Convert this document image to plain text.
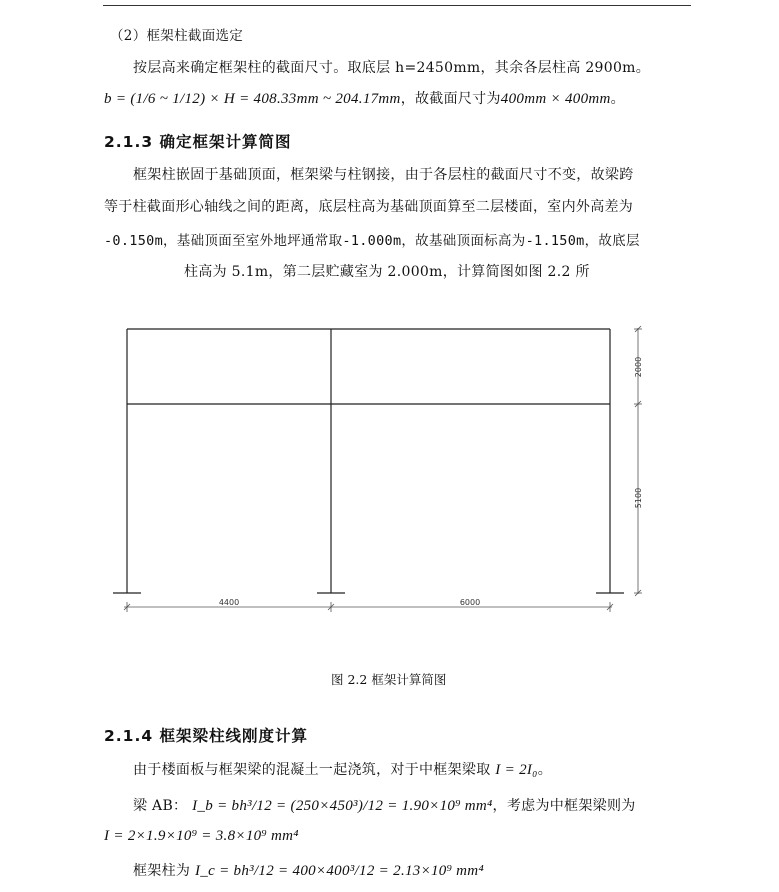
（2）框架柱截面选定
按层高来确定框架柱的截面尺寸。取底层 h=2450mm，其余各层柱高 2900m。
b = (1/6 ~ 1/12) × H = 408.33mm ~ 204.17mm，故截面尺寸为400mm × 400mm。
2.1.3 确定框架计算简图
框架柱嵌固于基础顶面，框架梁与柱钢接，由于各层柱的截面尺寸不变，故梁跨
等于柱截面形心轴线之间的距离，底层柱高为基础顶面算至二层楼面，室内外高差为
-0.150m，基础顶面至室外地坪通常取-1.000m，故基础顶面标高为-1.150m，故底层
柱高为 5.1m，第二层贮藏室为 2.000m，计算简图如图 2.2 所
2000
5100
4400	6000
图 2.2 框架计算简图
2.1.4 框架梁柱线刚度计算
由于楼面板与框架梁的混凝土一起浇筑，对于中框架梁取 I = 2I₀。
梁 AB： I_b = bh³/12 = (250×450³)/12 = 1.90×10⁹ mm⁴，考虑为中框架梁则为
I = 2×1.9×10⁹ = 3.8×10⁹ mm⁴
框架柱为 I_c = bh³/12 = 400×400³/12 = 2.13×10⁹ mm⁴
